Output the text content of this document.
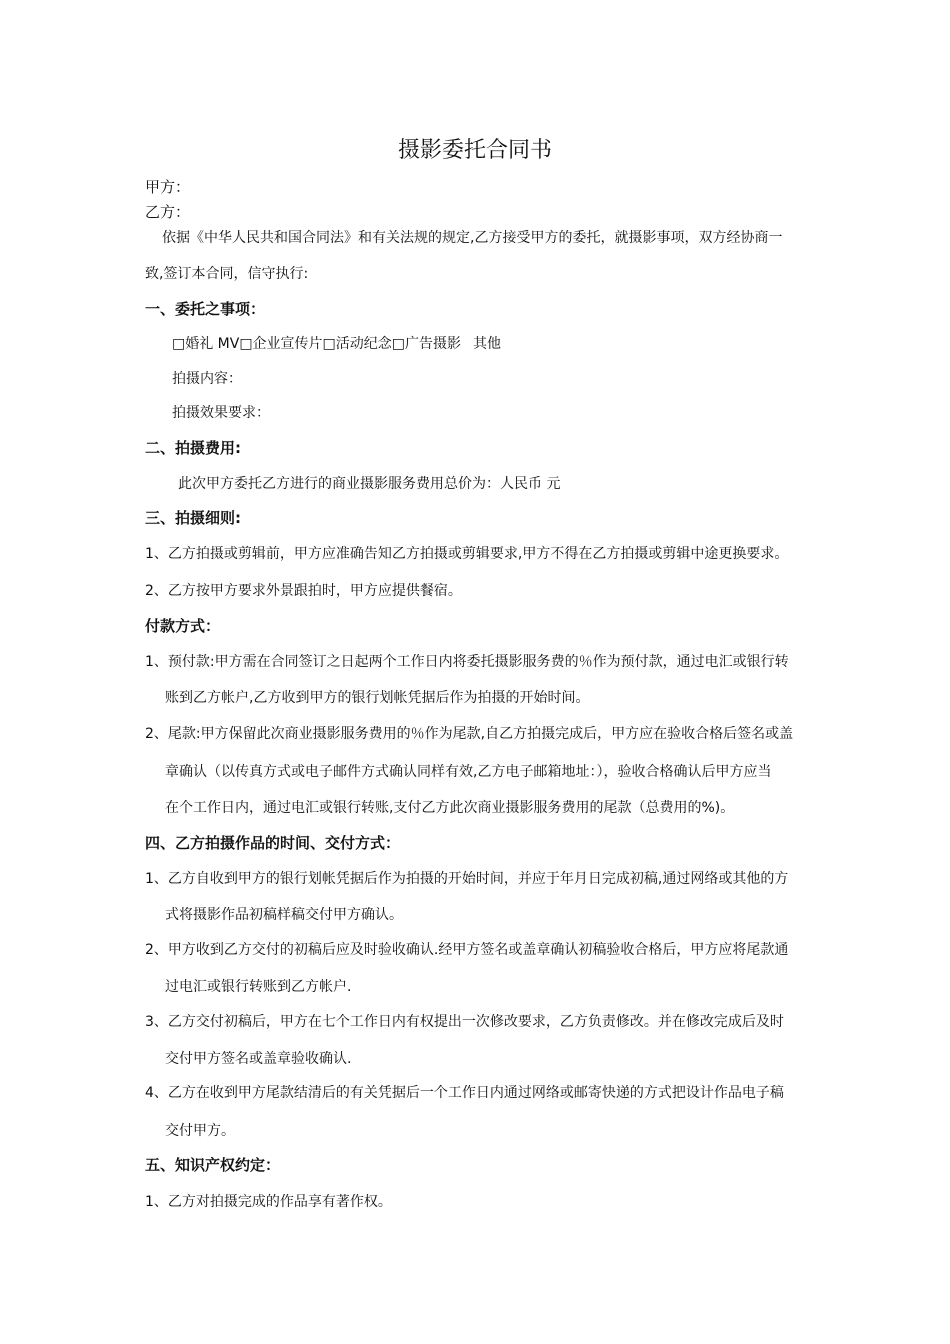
摄影委托合同书
甲方：
乙方：
依据《中华人民共和国合同法》和有关法规的规定,乙方接受甲方的委托，就摄影事项，双方经协商一
致,签订本合同，信守执行:
一、委托之事项：
□婚礼 MV□企业宣传片□活动纪念□广告摄影 其他
拍摄内容：
拍摄效果要求：
二、拍摄费用:
此次甲方委托乙方进行的商业摄影服务费用总价为：人民币 元
三、拍摄细则:
1、乙方拍摄或剪辑前，甲方应准确告知乙方拍摄或剪辑要求,甲方不得在乙方拍摄或剪辑中途更换要求。
2、乙方按甲方要求外景跟拍时，甲方应提供餐宿。
付款方式：
1、预付款:甲方需在合同签订之日起两个工作日内将委托摄影服务费的％作为预付款，通过电汇或银行转
账到乙方帐户,乙方收到甲方的银行划帐凭据后作为拍摄的开始时间。
2、尾款:甲方保留此次商业摄影服务费用的％作为尾款,自乙方拍摄完成后，甲方应在验收合格后签名或盖
章确认（以传真方式或电子邮件方式确认同样有效,乙方电子邮箱地址：），验收合格确认后甲方应当
在个工作日内，通过电汇或银行转账,支付乙方此次商业摄影服务费用的尾款（总费用的%)。
四、乙方拍摄作品的时间、交付方式：
1、乙方自收到甲方的银行划帐凭据后作为拍摄的开始时间，并应于年月日完成初稿,通过网络或其他的方
式将摄影作品初稿样稿交付甲方确认。
2、甲方收到乙方交付的初稿后应及时验收确认.经甲方签名或盖章确认初稿验收合格后，甲方应将尾款通
过电汇或银行转账到乙方帐户.
3、乙方交付初稿后，甲方在七个工作日内有权提出一次修改要求，乙方负责修改。并在修改完成后及时
交付甲方签名或盖章验收确认.
4、乙方在收到甲方尾款结清后的有关凭据后一个工作日内通过网络或邮寄快递的方式把设计作品电子稿
交付甲方。
五、知识产权约定：
1、乙方对拍摄完成的作品享有著作权。
